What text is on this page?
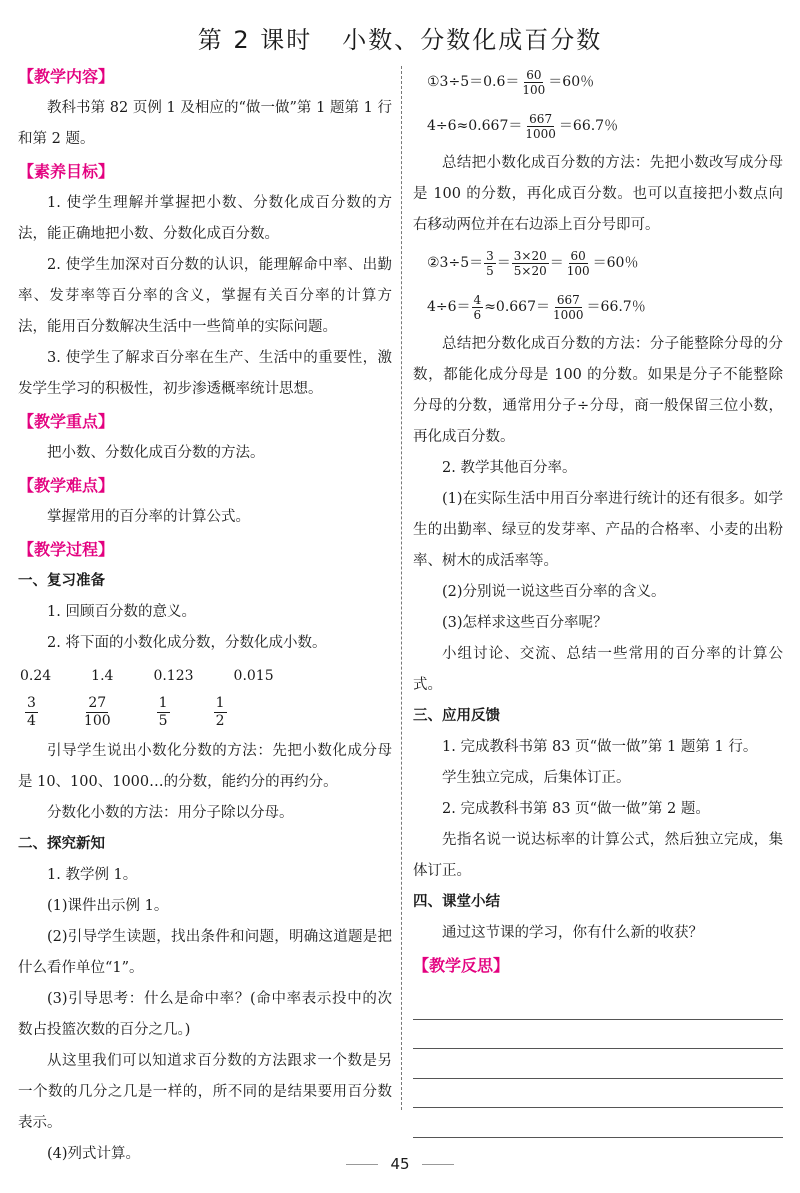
第 2 课时 小数、分数化成百分数

【教学内容】

教科书第 82 页例 1 及相应的“做一做”第 1 题第 1 行和第 2 题。

【素养目标】

1. 使学生理解并掌握把小数、分数化成百分数的方法，能正确地把小数、分数化成百分数。

2. 使学生加深对百分数的认识，能理解命中率、出勤率、发芽率等百分率的含义，掌握有关百分率的计算方法，能用百分数解决生活中一些简单的实际问题。

3. 使学生了解求百分率在生产、生活中的重要性，激发学生学习的积极性，初步渗透概率统计思想。

【教学重点】

把小数、分数化成百分数的方法。

【教学难点】

掌握常用的百分率的计算公式。

【教学过程】

一、复习准备

1. 回顾百分数的意义。

2. 将下面的小数化成分数，分数化成小数。

0.24	1.4	0.123	0.015
$\frac{3}{4}$	$\frac{27}{100}$	$\frac{1}{5}$	$\frac{1}{2}$

引导学生说出小数化分数的方法：先把小数化成分母是 10、100、1000…的分数，能约分的再约分。

分数化小数的方法：用分子除以分母。

二、探究新知

1. 教学例 1。

(1)课件出示例 1。

(2)引导学生读题，找出条件和问题，明确这道题是把什么看作单位“1”。

(3)引导思考：什么是命中率？(命中率表示投中的次数占投篮次数的百分之几。)

从这里我们可以知道求百分数的方法跟求一个数是另一个数的几分之几是一样的，所不同的是结果要用百分数表示。

(4)列式计算。

①3÷5＝0.6＝ $\frac{60}{100} =60$％

$4\div 6\approx 0.667= \frac{667}{1000} =66.7$％

总结把小数化成百分数的方法：先把小数改写成分母是 100 的分数，再化成百分数。也可以直接把小数点向右移动两位并在右边添上百分号即可。

②3÷5＝ $\frac{3}{5} = \frac{3\times 20}{5\times 20} = \frac{60}{100} =60$％

$4\div 6= \frac{4}{6} \approx 0.667= \frac{667}{1000} =66.7$％

总结把分数化成百分数的方法：分子能整除分母的分数，都能化成分母是 100 的分数。如果是分子不能整除分母的分数，通常用分子÷分母，商一般保留三位小数，再化成百分数。

2. 教学其他百分率。

(1)在实际生活中用百分率进行统计的还有很多。如学生的出勤率、绿豆的发芽率、产品的合格率、小麦的出粉率、树木的成活率等。

(2)分别说一说这些百分率的含义。

(3)怎样求这些百分率呢？

小组讨论、交流、总结一些常用的百分率的计算公式。

三、应用反馈

1. 完成教科书第 83 页“做一做”第 1 题第 1 行。

学生独立完成，后集体订正。

2. 完成教科书第 83 页“做一做”第 2 题。

先指名说一说达标率的计算公式，然后独立完成，集体订正。

四、课堂小结

通过这节课的学习，你有什么新的收获？

【教学反思】

45
